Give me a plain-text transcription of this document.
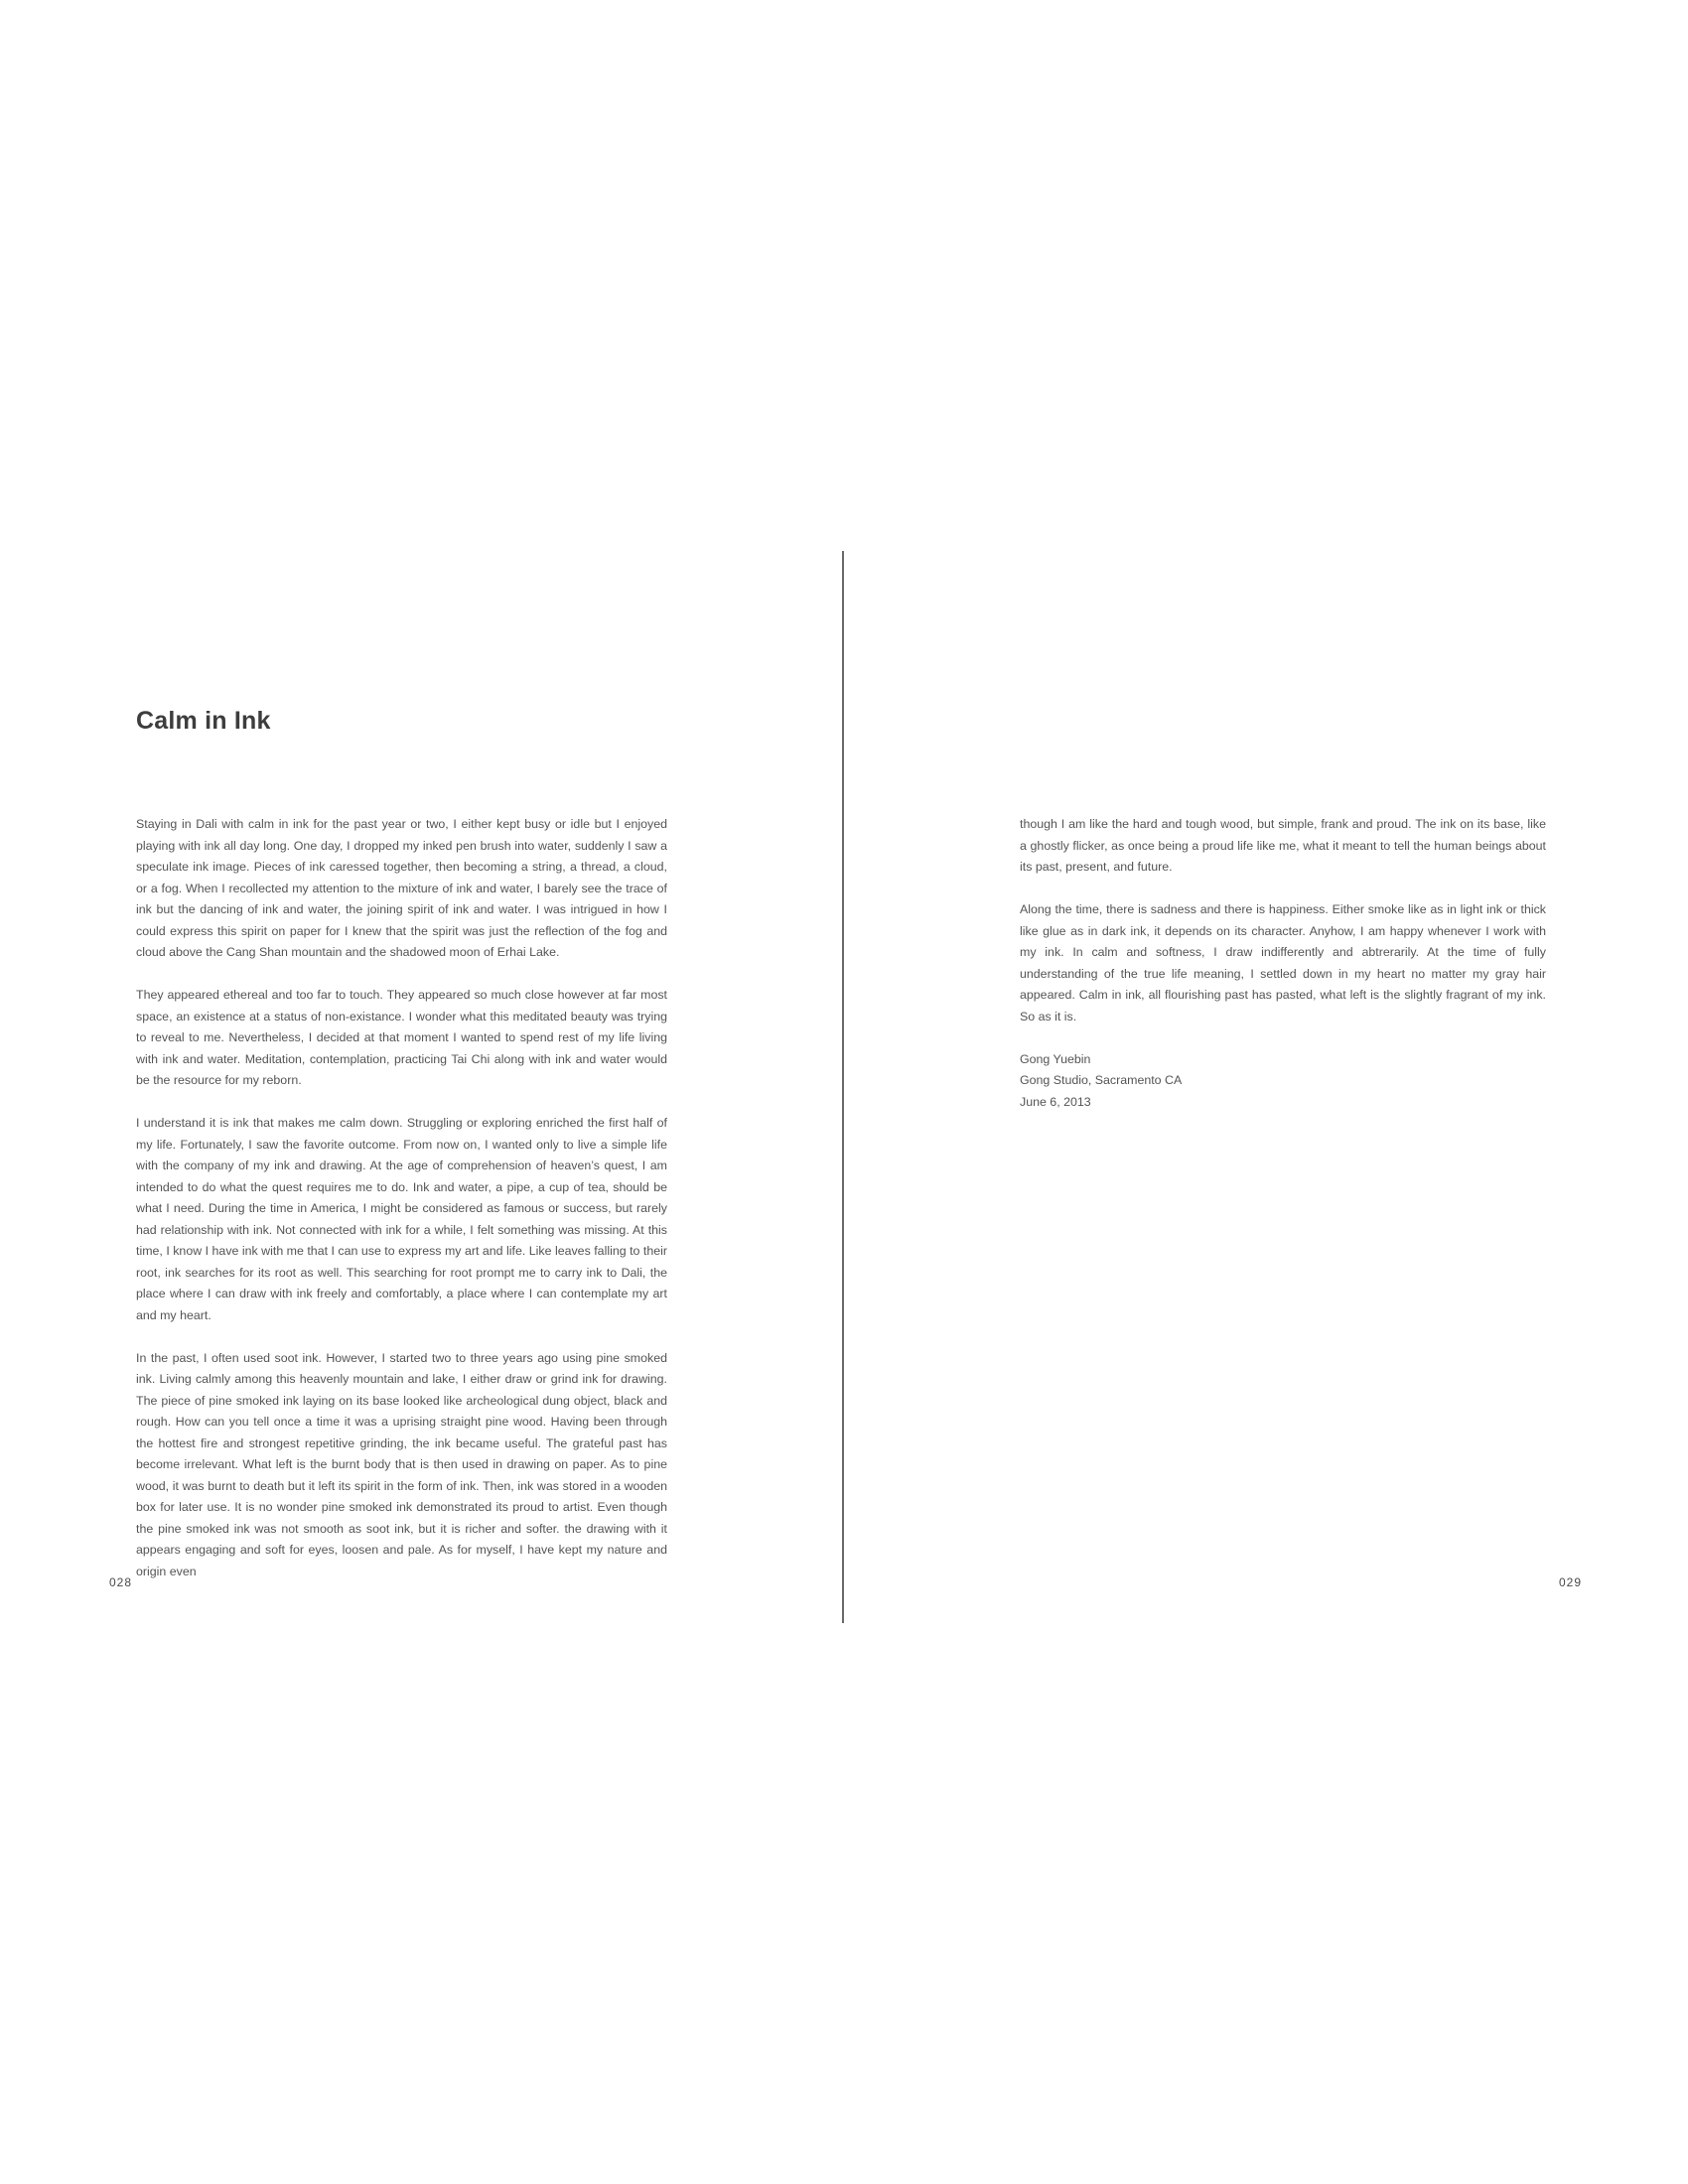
Calm in Ink

Staying in Dali with calm in ink for the past year or two, I either kept busy or idle but I enjoyed playing with ink all day long. One day, I dropped my inked pen brush into water, suddenly I saw a speculate ink image. Pieces of ink caressed together, then becoming a string, a thread, a cloud, or a fog. When I recollected my attention to the mixture of ink and water, I barely see the trace of ink but the dancing of ink and water, the joining spirit of ink and water. I was intrigued in how I could express this spirit on paper for I knew that the spirit was just the reflection of the fog and cloud above the Cang Shan mountain and the shadowed moon of Erhai Lake.

They appeared ethereal and too far to touch. They appeared so much close however at far most space, an existence at a status of non-existance. I wonder what this meditated beauty was trying to reveal to me. Nevertheless, I decided at that moment I wanted to spend rest of my life living with ink and water. Meditation, contemplation, practicing Tai Chi along with ink and water would be the resource for my reborn.

I understand it is ink that makes me calm down. Struggling or exploring enriched the first half of my life. Fortunately, I saw the favorite outcome. From now on, I wanted only to live a simple life with the company of my ink and drawing. At the age of comprehension of heaven’s quest, I am intended to do what the quest requires me to do. Ink and water, a pipe, a cup of tea, should be what I need. During the time in America, I might be considered as famous or success, but rarely had relationship with ink. Not connected with ink for a while, I felt something was missing. At this time, I know I have ink with me that I can use to express my art and life. Like leaves falling to their root, ink searches for its root as well. This searching for root prompt me to carry ink to Dali, the place where I can draw with ink freely and comfortably, a place where I can contemplate my art and my heart.

In the past, I often used soot ink. However, I started two to three years ago using pine smoked ink. Living calmly among this heavenly mountain and lake, I either draw or grind ink for drawing. The piece of pine smoked ink laying on its base looked like archeological dung object, black and rough. How can you tell once a time it was a uprising straight pine wood. Having been through the hottest fire and strongest repetitive grinding, the ink became useful. The grateful past has become irrelevant. What left is the burnt body that is then used in drawing on paper. As to pine wood, it was burnt to death but it left its spirit in the form of ink. Then, ink was stored in a wooden box for later use. It is no wonder pine smoked ink demonstrated its proud to artist. Even though the pine smoked ink was not smooth as soot ink, but it is richer and softer. the drawing with it appears engaging and soft for eyes, loosen and pale. As for myself, I have kept my nature and origin even

though I am like the hard and tough wood, but simple, frank and proud. The ink on its base, like a ghostly flicker, as once being a proud life like me, what it meant to tell the human beings about its past, present, and future.

Along the time, there is sadness and there is happiness. Either smoke like as in light ink or thick like glue as in dark ink, it depends on its character. Anyhow, I am happy whenever I work with my ink. In calm and softness, I draw indifferently and abtrerarily. At the time of fully understanding of the true life meaning, I settled down in my heart no matter my gray hair appeared. Calm in ink, all flourishing past has pasted, what left is the slightly fragrant of my ink. So as it is.

Gong Yuebin
Gong Studio, Sacramento CA
June 6, 2013
028	029
